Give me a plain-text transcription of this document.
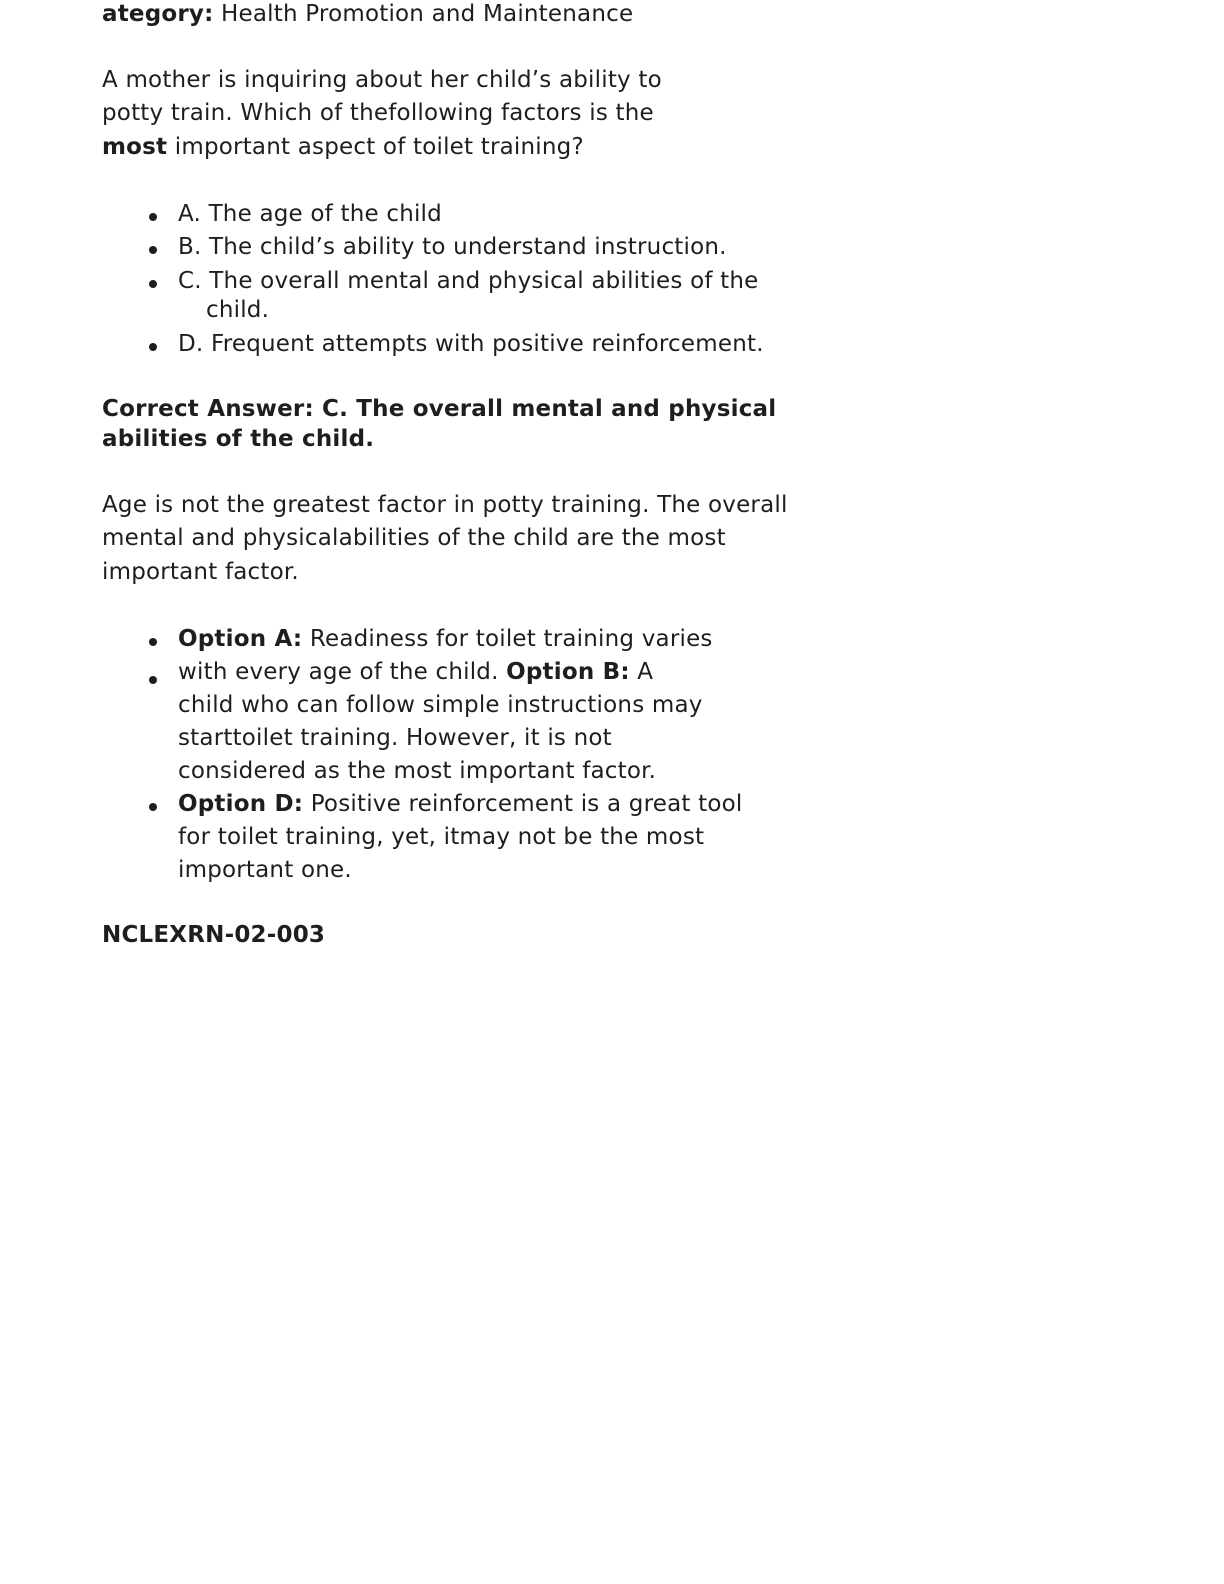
ategory: Health Promotion and Maintenance
A mother is inquiring about her child’s ability to
potty train. Which of thefollowing factors is the
most important aspect of toilet training?
A. The age of the child
B. The child’s ability to understand instruction.
C. The overall mental and physical abilities of the
child.
D. Frequent attempts with positive reinforcement.
Correct Answer: C. The overall mental and physical
abilities of the child.
Age is not the greatest factor in potty training. The overall
mental and physicalabilities of the child are the most
important factor.
Option A: Readiness for toilet training varies
with every age of the child. Option B: A
child who can follow simple instructions may
starttoilet training. However, it is not
considered as the most important factor.
Option D: Positive reinforcement is a great tool
for toilet training, yet, itmay not be the most
important one.
NCLEXRN-02-003
